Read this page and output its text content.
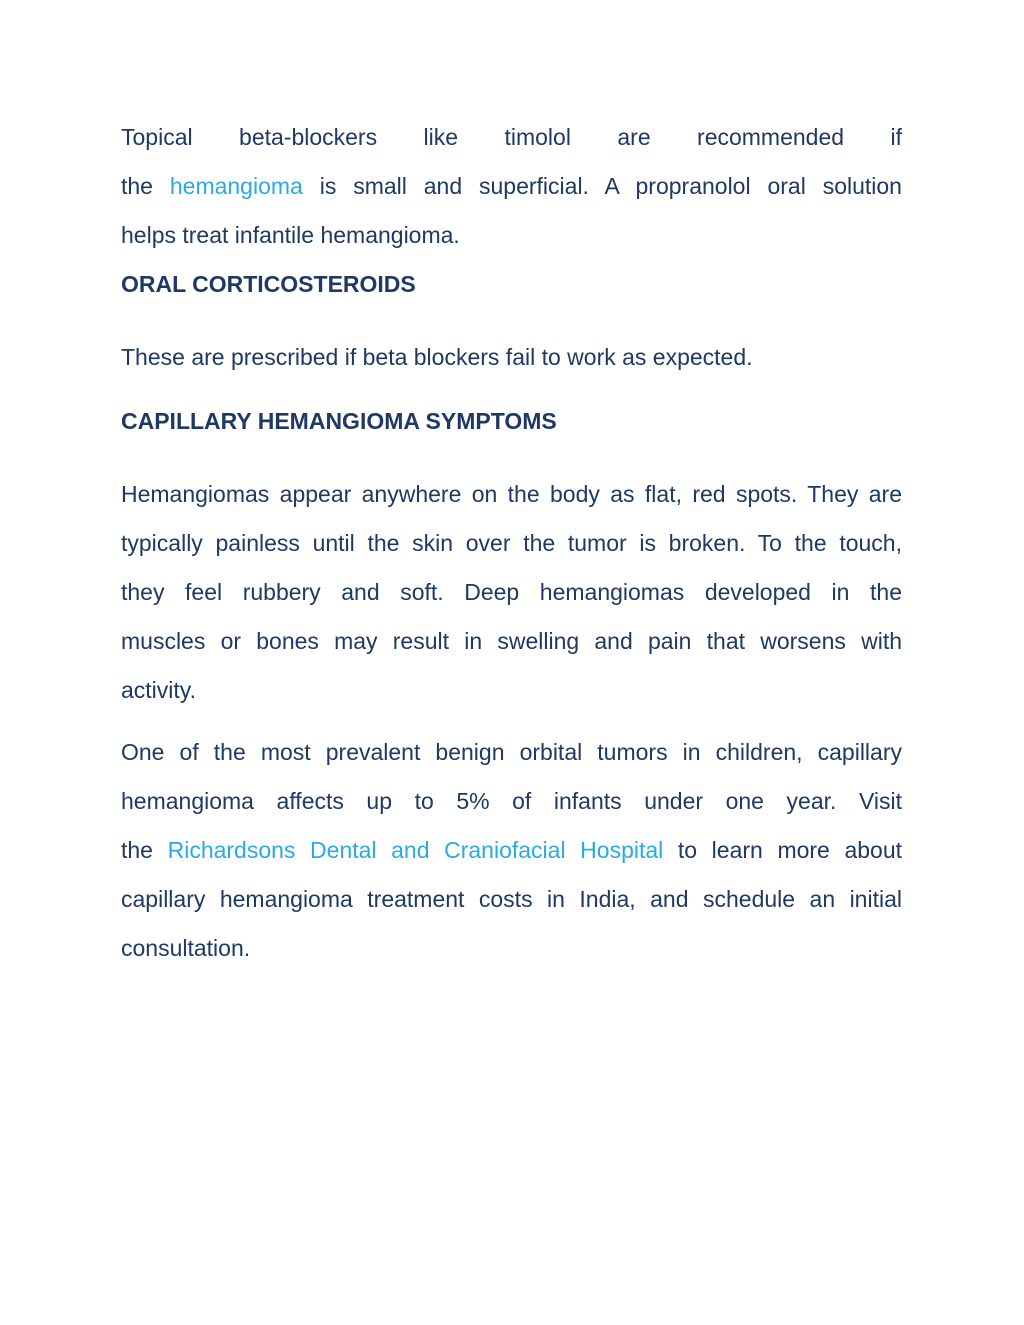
Topical beta-blockers like timolol are recommended if
the hemangioma is small and superficial. A propranolol oral solution
helps treat infantile hemangioma.
ORAL CORTICOSTEROIDS
These are prescribed if beta blockers fail to work as expected.
CAPILLARY HEMANGIOMA SYMPTOMS
Hemangiomas appear anywhere on the body as flat, red spots. They are
typically painless until the skin over the tumor is broken. To the touch,
they feel rubbery and soft. Deep hemangiomas developed in the
muscles or bones may result in swelling and pain that worsens with
activity.
One of the most prevalent benign orbital tumors in children, capillary
hemangioma affects up to 5% of infants under one year. Visit
the Richardsons Dental and Craniofacial Hospital to learn more about
capillary hemangioma treatment costs in India, and schedule an initial
consultation.
